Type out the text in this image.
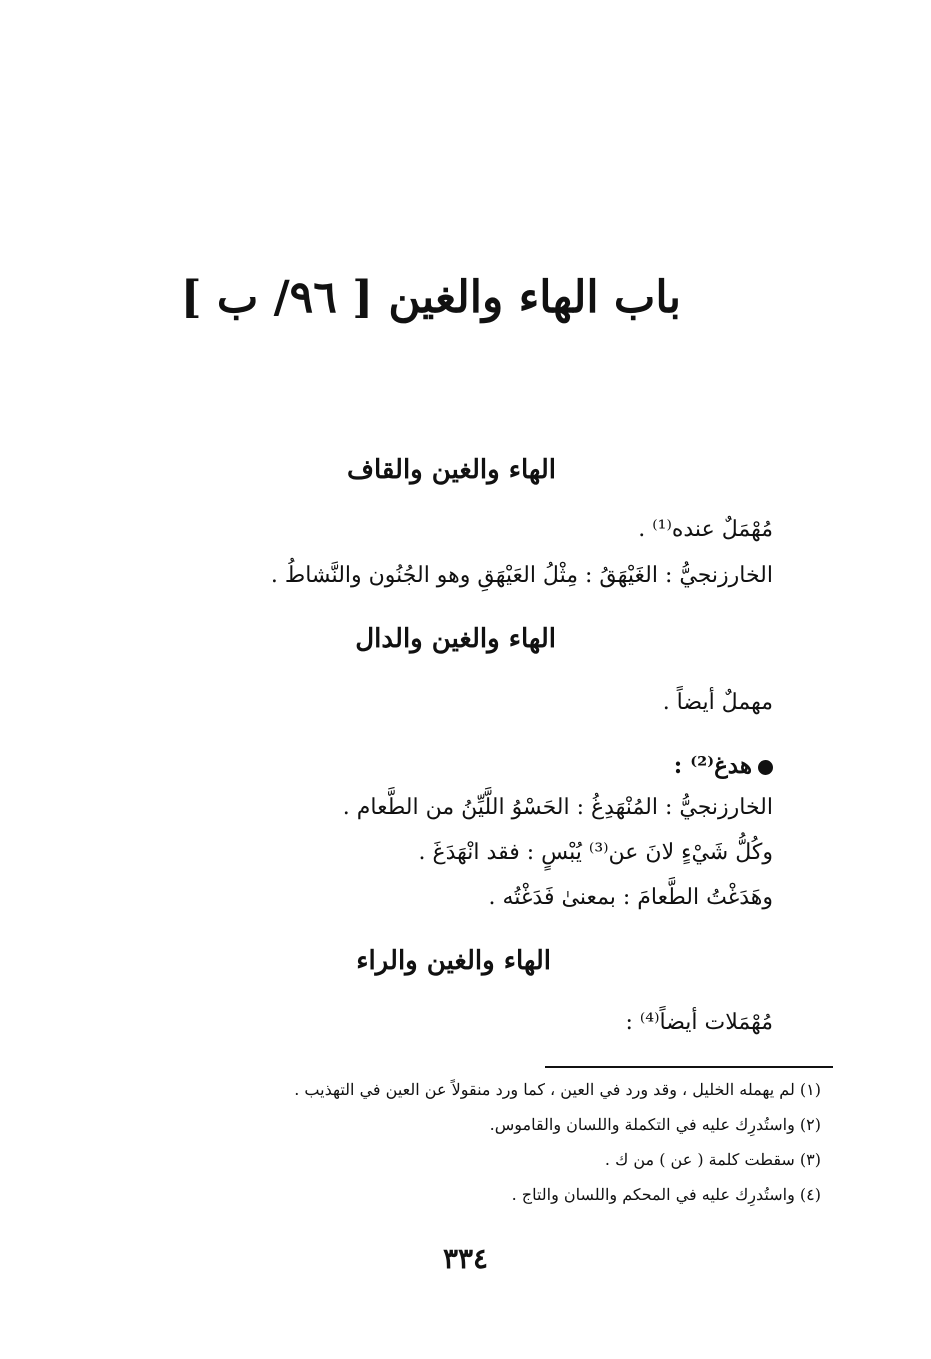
باب الهاء والغين [ ٩٦/ ب ]
الهاء والغين والقاف
مُهْمَلٌ عنده⁽¹⁾ .
الخارزنجيُّ : الغَيْهَقُ : مِثْلُ العَيْهَقِ وهو الجُنُون والنَّشاطُ .
الهاء والغين والدال
مهملٌ أيضاً .
هدغ⁽²⁾ :
الخارزنجيُّ : المُنْهَدِغُ : الحَسْوُ اللَّيِّنُ من الطَّعام .
وكُلُّ شَيْءٍ لانَ عن⁽³⁾ يُبْسٍ : فقد انْهَدَغَ .
وهَدَغْتُ الطَّعامَ : بمعنىٰ فَدَغْتُه .
الهاء والغين والراء
مُهْمَلات أيضاً⁽⁴⁾ :
(١) لم يهمله الخليل ، وقد ورد في العين ، كما ورد منقولاً عن العين في التهذيب .
(٢) واستُدرِك عليه في التكملة واللسان والقاموس.
(٣) سقطت كلمة ( عن ) من ك .
(٤) واستُدرِك عليه في المحكم واللسان والتاج .
٣٣٤
